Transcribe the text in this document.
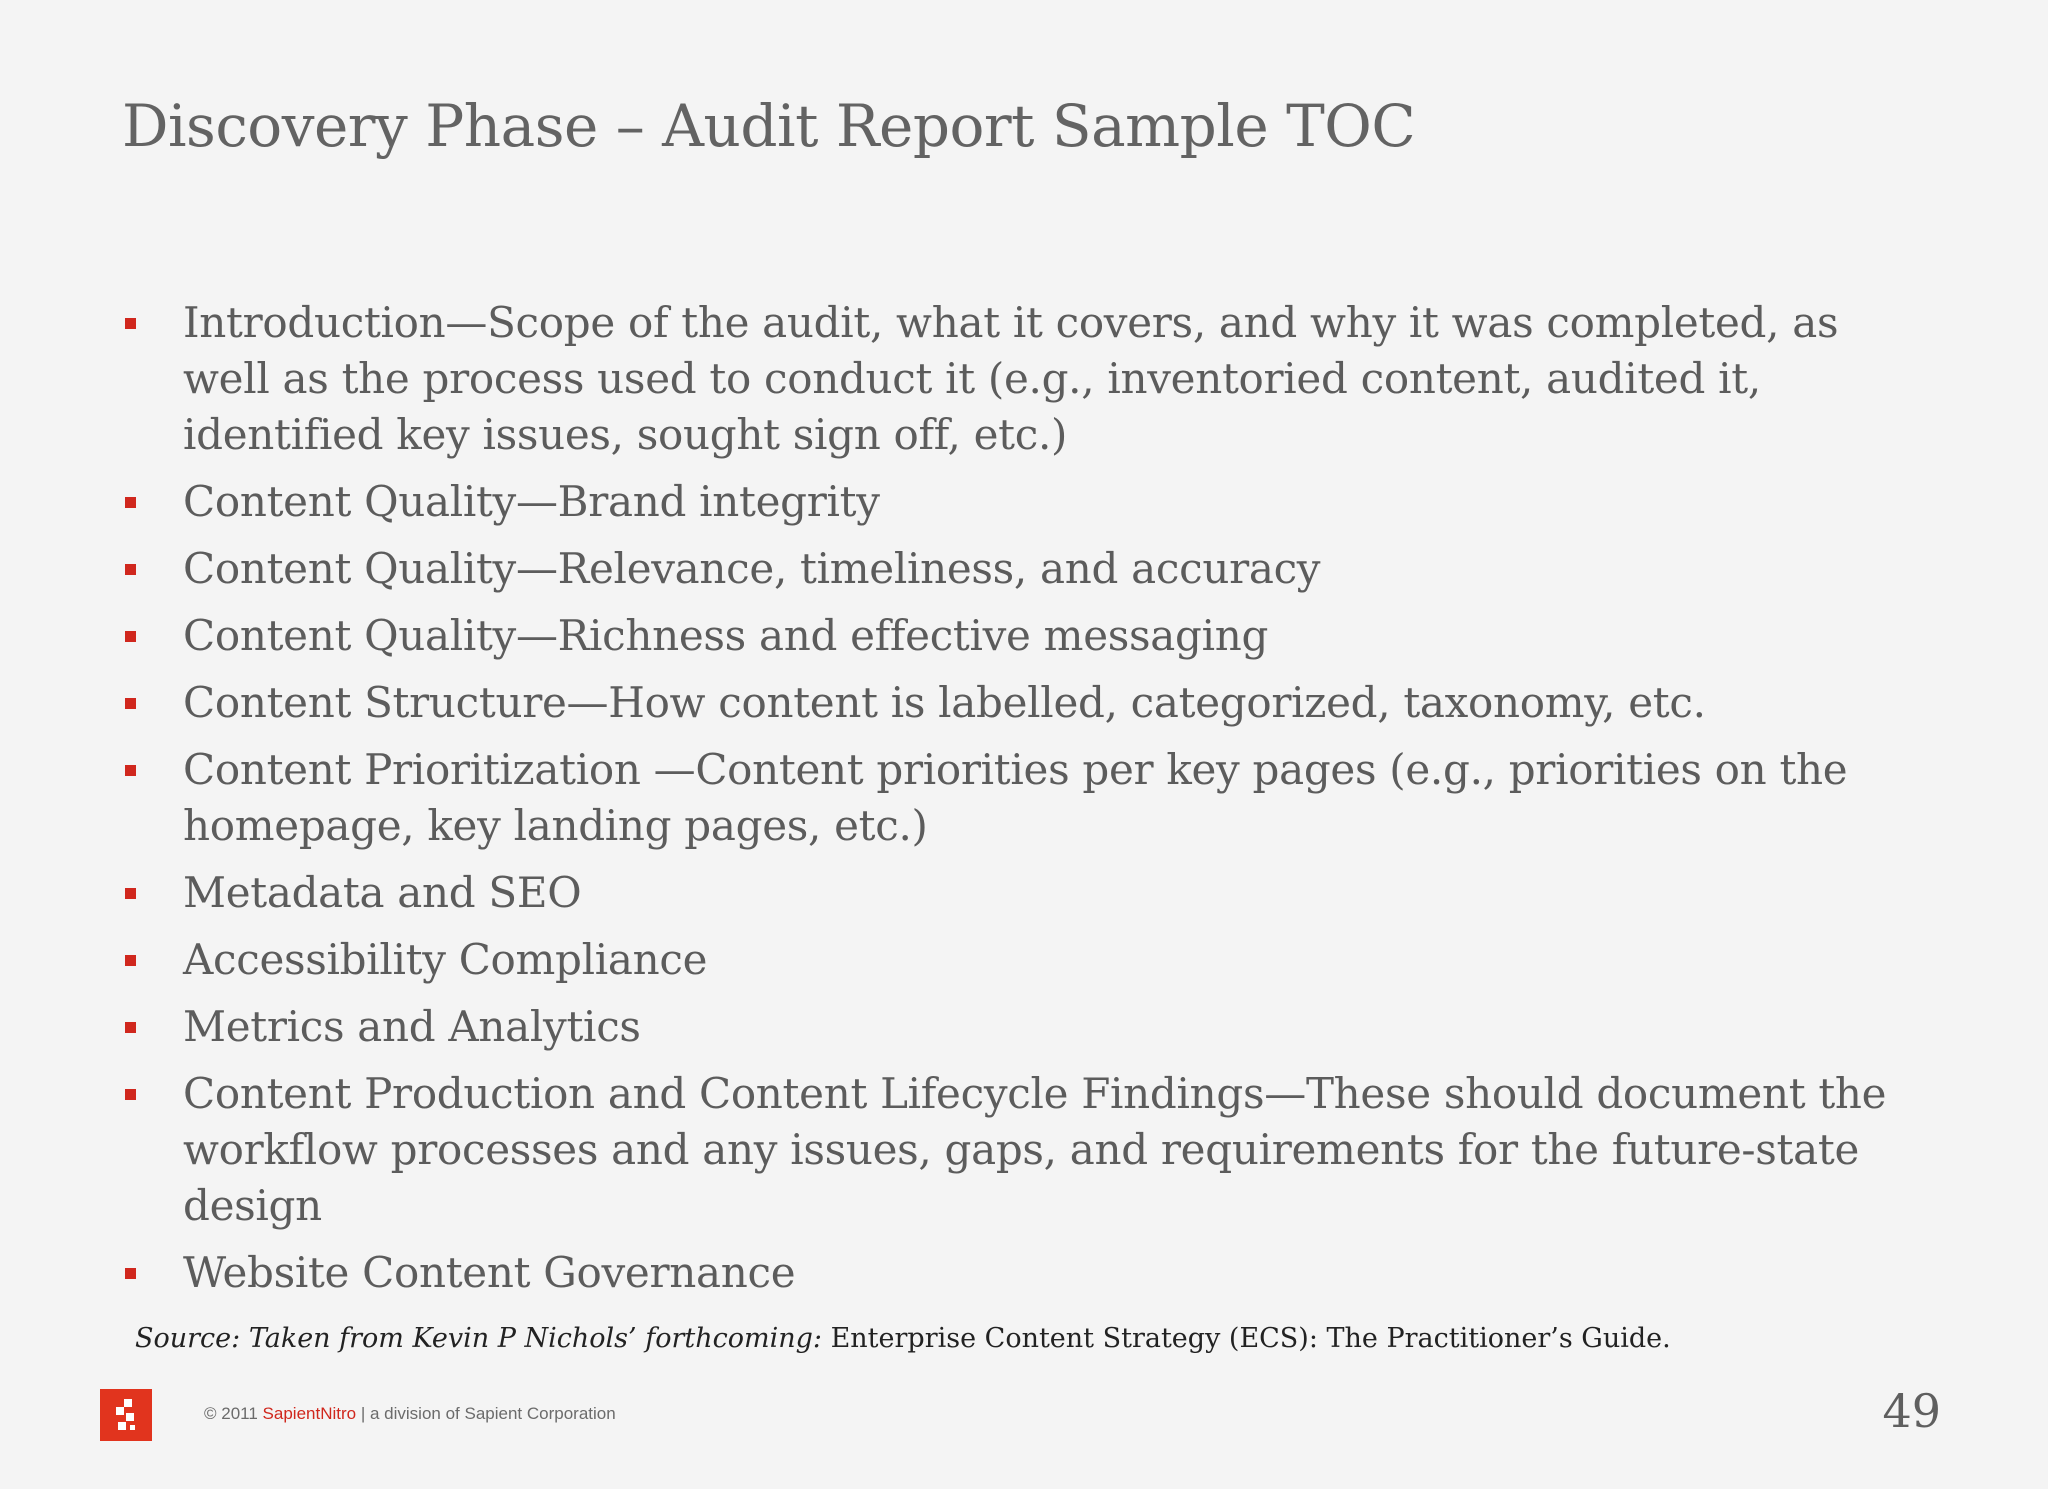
Discovery Phase – Audit Report Sample TOC
Introduction—Scope of the audit, what it covers, and why it was completed, as well as the process used to conduct it (e.g., inventoried content, audited it, identified key issues, sought sign off, etc.)
Content Quality—Brand integrity
Content Quality—Relevance, timeliness, and accuracy
Content Quality—Richness and effective messaging
Content Structure—How content is labelled, categorized, taxonomy, etc.
Content Prioritization —Content priorities per key pages (e.g., priorities on the homepage, key landing pages, etc.)
Metadata and SEO
Accessibility Compliance
Metrics and Analytics
Content Production and Content Lifecycle Findings—These should document the workflow processes and any issues, gaps, and requirements for the future-state design
Website Content Governance
Source: Taken from Kevin P Nichols’ forthcoming: Enterprise Content Strategy (ECS): The Practitioner’s Guide.
© 2011 SapientNitro | a division of Sapient Corporation	49
